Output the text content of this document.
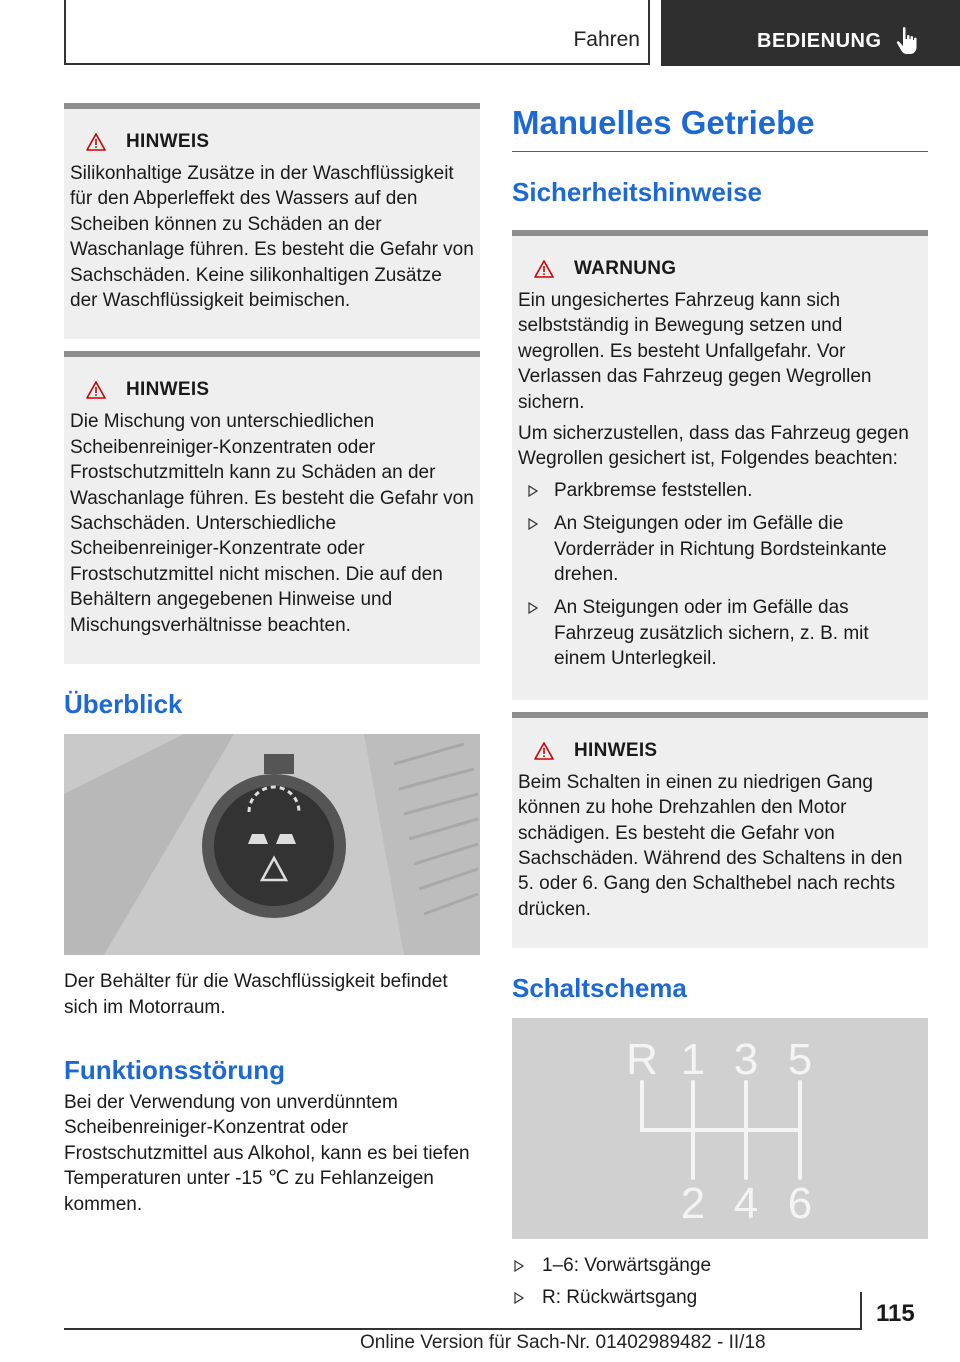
Fahren	BEDIENUNG
HINWEIS

Silikonhaltige Zusätze in der Waschflüssigkeit für den Abperleffekt des Wassers auf den Scheiben können zu Schäden an der Waschanlage führen. Es besteht die Gefahr von Sachschäden. Keine silikonhaltigen Zusätze der Waschflüssigkeit beimischen.

HINWEIS

Die Mischung von unterschiedlichen Scheibenreiniger-Konzentraten oder Frostschutzmitteln kann zu Schäden an der Waschanlage führen. Es besteht die Gefahr von Sachschäden. Unterschiedliche Scheibenreiniger-Konzentrate oder Frostschutzmittel nicht mischen. Die auf den Behältern angegebenen Hinweise und Mischungsverhältnisse beachten.

Überblick

Der Behälter für die Waschflüssigkeit befindet sich im Motorraum.

Funktionsstörung

Bei der Verwendung von unverdünntem Scheibenreiniger-Konzentrat oder Frostschutzmittel aus Alkohol, kann es bei tiefen Temperaturen unter -15 ℃ zu Fehlanzeigen kommen.

Manuelles Getriebe
Sicherheitshinweise
WARNUNG

Ein ungesichertes Fahrzeug kann sich selbstständig in Bewegung setzen und wegrollen. Es besteht Unfallgefahr. Vor Verlassen das Fahrzeug gegen Wegrollen sichern.

Um sicherzustellen, dass das Fahrzeug gegen Wegrollen gesichert ist, Folgendes beachten:

Parkbremse feststellen.
An Steigungen oder im Gefälle die Vorderräder in Richtung Bordsteinkante drehen.
An Steigungen oder im Gefälle das Fahrzeug zusätzlich sichern, z. B. mit einem Unterlegkeil.
HINWEIS

Beim Schalten in einen zu niedrigen Gang können zu hohe Drehzahlen den Motor schädigen. Es besteht die Gefahr von Sachschäden. Während des Schaltens in den 5. oder 6. Gang den Schalthebel nach rechts drücken.

Schaltschema
R 1 3 5
2 4 6
1–6: Vorwärtsgänge
R: Rückwärtsgang
115
Online Version für Sach-Nr. 01402989482 - II/18
